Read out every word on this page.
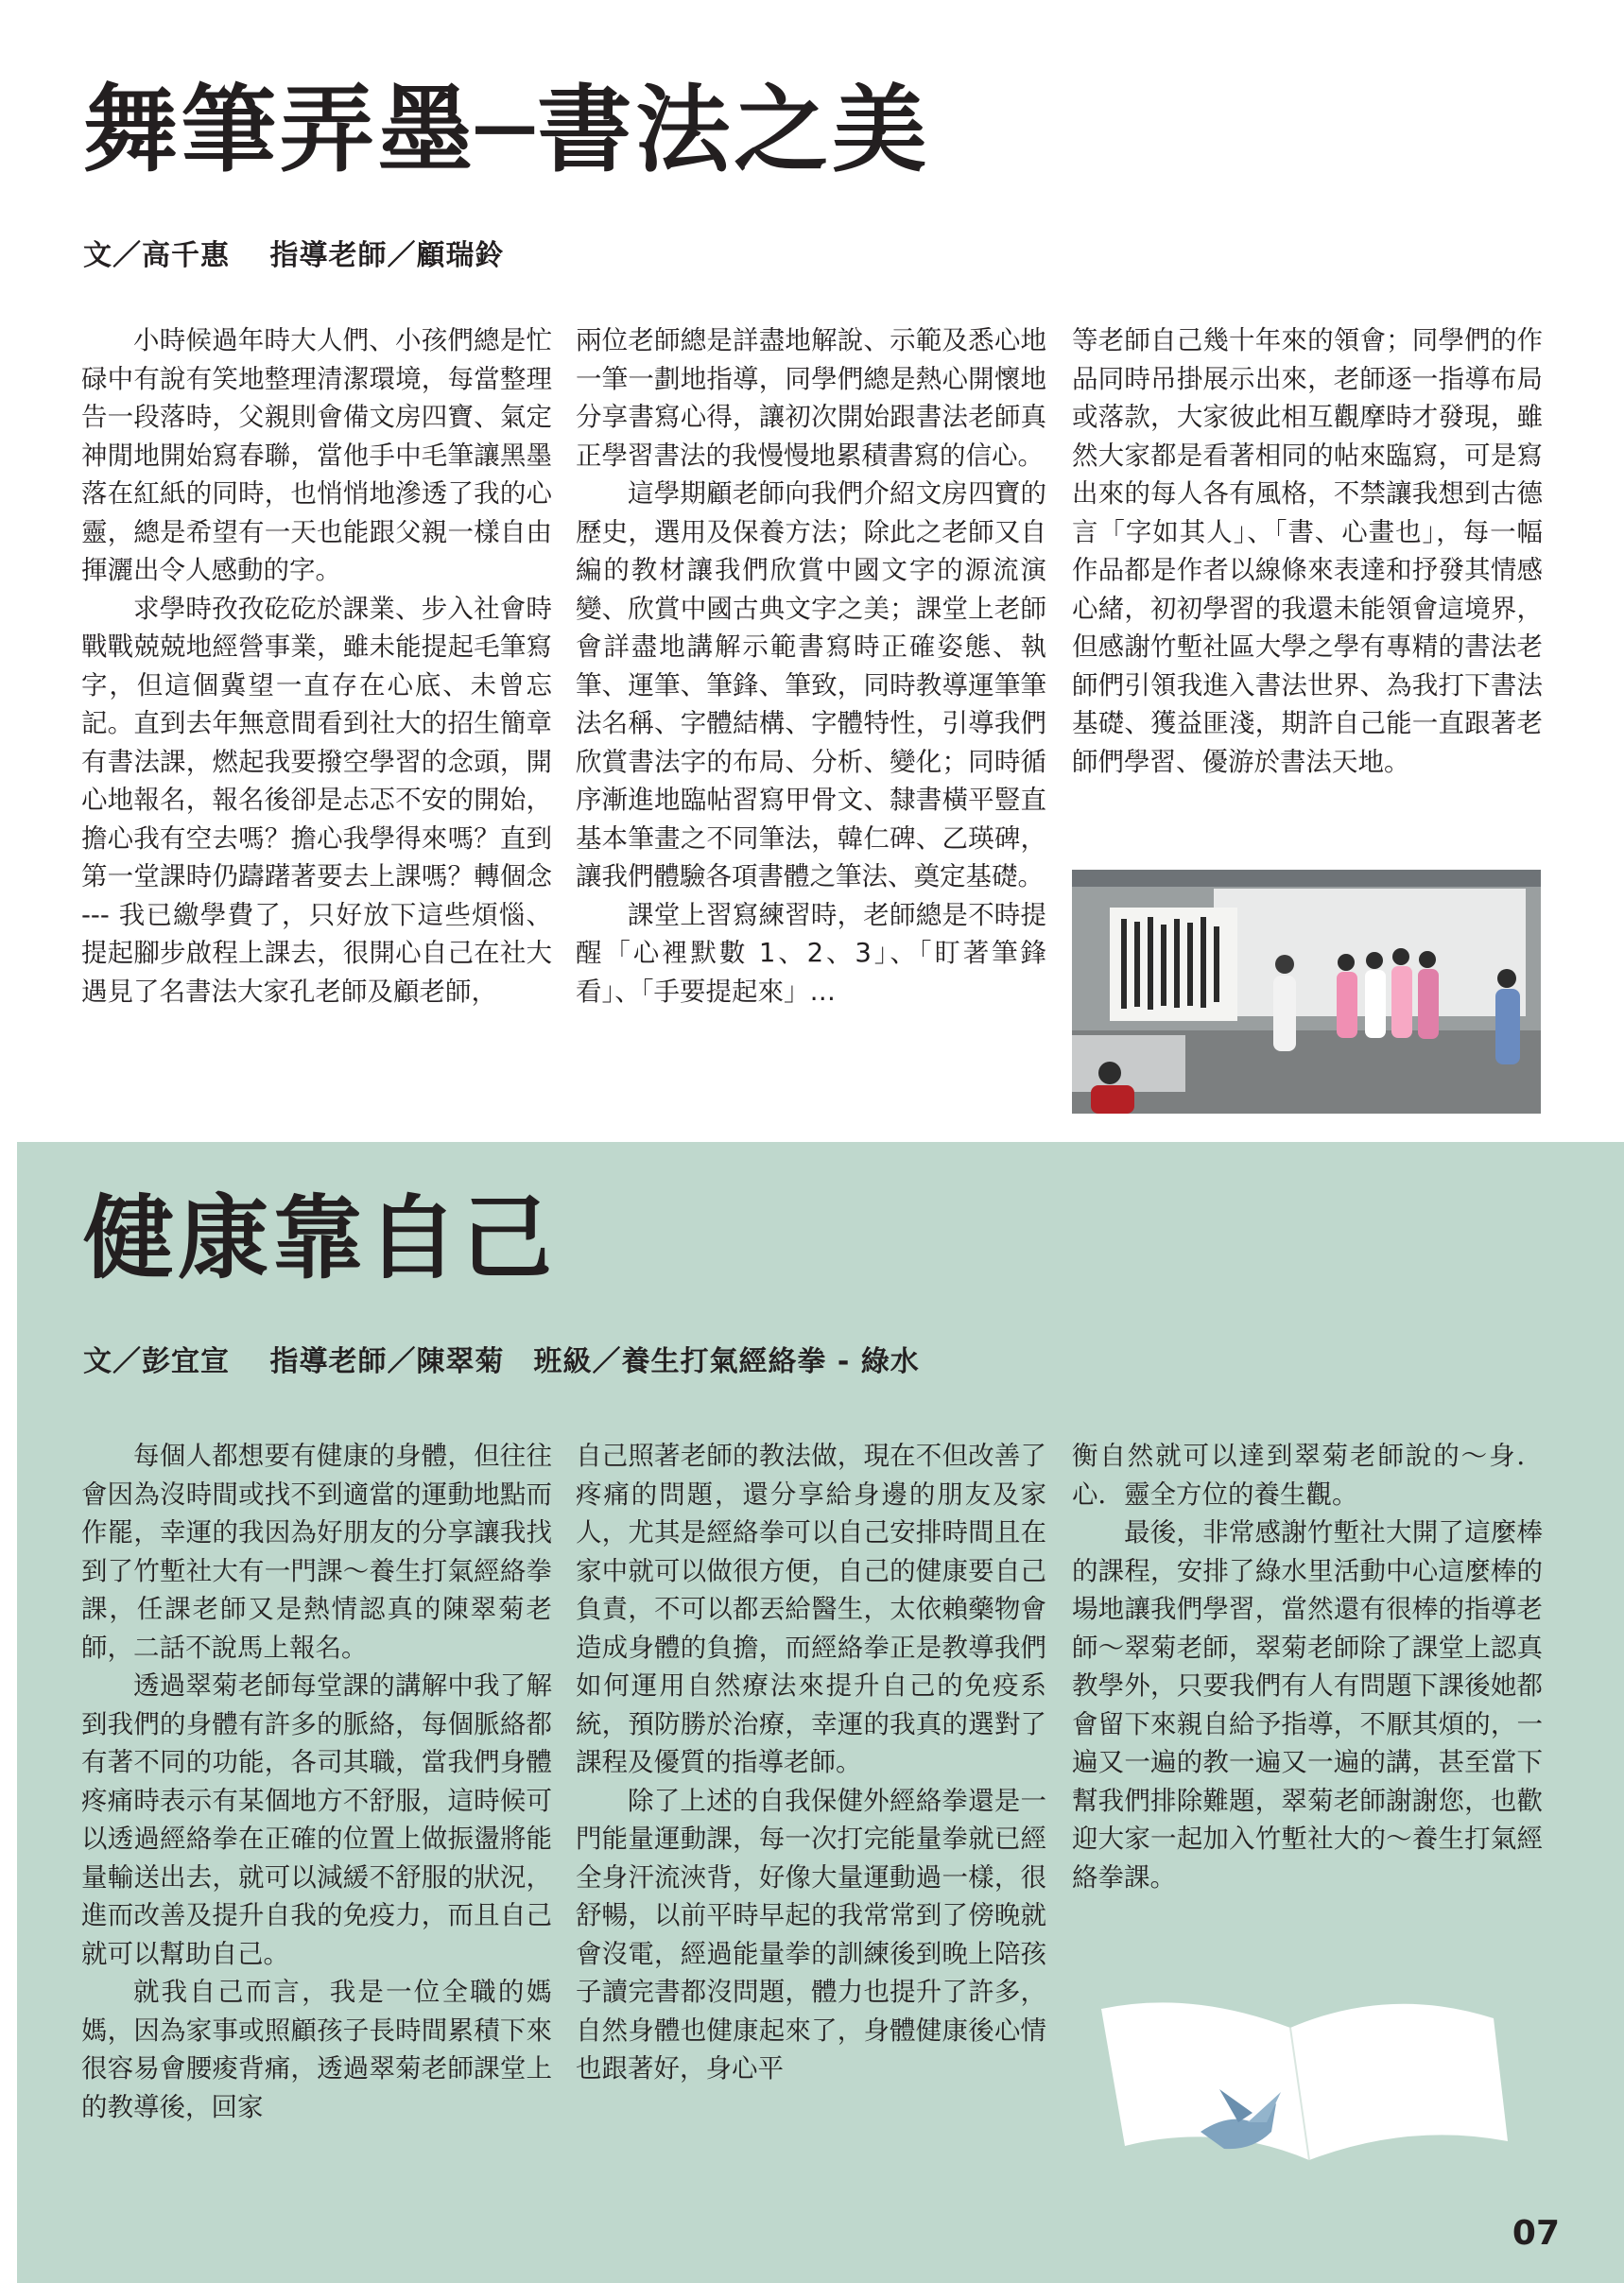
舞筆弄墨─書法之美
文／高千惠　 指導老師／顧瑞鈴

小時候過年時大人們、小孩們總是忙碌中有說有笑地整理清潔環境，每當整理告一段落時，父親則會備文房四寶、氣定神閒地開始寫春聯，當他手中毛筆讓黑墨落在紅紙的同時，也悄悄地滲透了我的心靈，總是希望有一天也能跟父親一樣自由揮灑出令人感動的字。

求學時孜孜矻矻於課業、步入社會時戰戰兢兢地經營事業，雖未能提起毛筆寫字，但這個冀望一直存在心底、未曾忘記。直到去年無意間看到社大的招生簡章有書法課，燃起我要撥空學習的念頭，開心地報名，報名後卻是忐忑不安的開始，擔心我有空去嗎？擔心我學得來嗎？直到第一堂課時仍躊躇著要去上課嗎？轉個念 --- 我已繳學費了，只好放下這些煩惱、提起腳步啟程上課去，很開心自己在社大遇見了名書法大家孔老師及顧老師，

兩位老師總是詳盡地解說、示範及悉心地一筆一劃地指導，同學們總是熱心開懷地分享書寫心得，讓初次開始跟書法老師真正學習書法的我慢慢地累積書寫的信心。

這學期顧老師向我們介紹文房四寶的歷史，選用及保養方法；除此之老師又自編的教材讓我們欣賞中國文字的源流演變、欣賞中國古典文字之美；課堂上老師會詳盡地講解示範書寫時正確姿態、執筆、運筆、筆鋒、筆致，同時教導運筆筆法名稱、字體結構、字體特性，引導我們欣賞書法字的布局、分析、變化；同時循序漸進地臨帖習寫甲骨文、隸書橫平豎直基本筆畫之不同筆法，韓仁碑、乙瑛碑，讓我們體驗各項書體之筆法、奠定基礎。

課堂上習寫練習時，老師總是不時提醒「心裡默數 1、2、3」、「盯著筆鋒看」、「手要提起來」…

等老師自己幾十年來的領會；同學們的作品同時吊掛展示出來，老師逐一指導布局或落款，大家彼此相互觀摩時才發現，雖然大家都是看著相同的帖來臨寫，可是寫出來的每人各有風格，不禁讓我想到古德言「字如其人」、「書、心畫也」，每一幅作品都是作者以線條來表達和抒發其情感心緒，初初學習的我還未能領會這境界，但感謝竹塹社區大學之學有專精的書法老師們引領我進入書法世界、為我打下書法基礎、獲益匪淺，期許自己能一直跟著老師們學習、優游於書法天地。

健康靠自己
文／彭宜宣　 指導老師／陳翠菊　班級／養生打氣經絡拳 - 綠水

每個人都想要有健康的身體，但往往會因為沒時間或找不到適當的運動地點而作罷，幸運的我因為好朋友的分享讓我找到了竹塹社大有一門課～養生打氣經絡拳課，任課老師又是熱情認真的陳翠菊老師，二話不說馬上報名。

透過翠菊老師每堂課的講解中我了解到我們的身體有許多的脈絡，每個脈絡都有著不同的功能，各司其職，當我們身體疼痛時表示有某個地方不舒服，這時候可以透過經絡拳在正確的位置上做振盪將能量輸送出去，就可以減緩不舒服的狀況，進而改善及提升自我的免疫力，而且自己就可以幫助自己。

就我自己而言，我是一位全職的媽媽，因為家事或照顧孩子長時間累積下來很容易會腰痠背痛，透過翠菊老師課堂上的教導後，回家

自己照著老師的教法做，現在不但改善了疼痛的問題，還分享給身邊的朋友及家人，尤其是經絡拳可以自己安排時間且在家中就可以做很方便，自己的健康要自己負責，不可以都丟給醫生，太依賴藥物會造成身體的負擔，而經絡拳正是教導我們如何運用自然療法來提升自己的免疫系統，預防勝於治療，幸運的我真的選對了課程及優質的指導老師。

除了上述的自我保健外經絡拳還是一門能量運動課，每一次打完能量拳就已經全身汗流浹背，好像大量運動過一樣，很舒暢，以前平時早起的我常常到了傍晚就會沒電，經過能量拳的訓練後到晚上陪孩子讀完書都沒問題，體力也提升了許多，自然身體也健康起來了，身體健康後心情也跟著好，身心平

衡自然就可以達到翠菊老師說的～身．心．靈全方位的養生觀。

最後，非常感謝竹塹社大開了這麼棒的課程，安排了綠水里活動中心這麼棒的場地讓我們學習，當然還有很棒的指導老師～翠菊老師，翠菊老師除了課堂上認真教學外，只要我們有人有問題下課後她都會留下來親自給予指導，不厭其煩的，一遍又一遍的教一遍又一遍的講，甚至當下幫我們排除難題，翠菊老師謝謝您，也歡迎大家一起加入竹塹社大的～養生打氣經絡拳課。

07
